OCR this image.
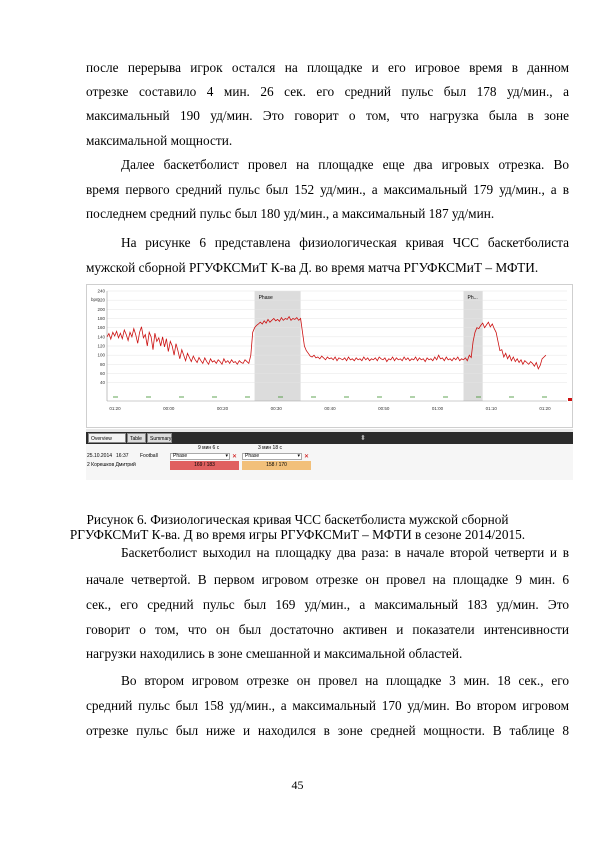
после перерыва игрок остался на площадке и его игровое время в данном

отрезке составило 4 мин. 26 сек. его средний пульс был 178 уд/мин., а

максимальный 190 уд/мин. Это говорит о том, что нагрузка была в зоне

максимальной мощности.

Далее баскетболист провел на площадке еще два игровых отрезка. Во

время первого средний пульс был 152 уд/мин., а максимальный 179 уд/мин., а в

последнем средний пульс был 180 уд/мин., а максимальный 187 уд/мин.

На рисунке 6 представлена физиологическая кривая ЧСС баскетболиста

мужской сборной РГУФКСМиТ К-ва Д. во время матча РГУФКСМиТ – МФТИ.

Phase	Ph...
240
220
200
180
160
140
120
100
80
60
40
bpm
01:20	00:00	00:20	00:30	00:40	00:50	01:00	01:10	01:20
Overview	Table	Summary	⬍
9 мин 6 с	3 мин 18 с
25.10.2014 16:37 Football	Phase	▾ ✕	Phase	▾ ✕
2 Корешков Дмитрий	169 / 183	158 / 170

Рисунок 6. Физиологическая кривая ЧСС баскетболиста мужской сборной

РГУФКСМиТ К-ва. Д во время игры РГУФКСМиТ – МФТИ в сезоне 2014/2015.

Баскетболист выходил на площадку два раза: в начале второй четверти и в

начале четвертой. В первом игровом отрезке он провел на площадке 9 мин. 6

сек., его средний пульс был 169 уд/мин., а максимальный 183 уд/мин. Это

говорит о том, что он был достаточно активен и показатели интенсивности

нагрузки находились в зоне смешанной и максимальной областей.

Во втором игровом отрезке он провел на площадке 3 мин. 18 сек., его

средний пульс был 158 уд/мин., а максимальный 170 уд/мин. Во втором игровом

отрезке пульс был ниже и находился в зоне средней мощности. В таблице 8

45
